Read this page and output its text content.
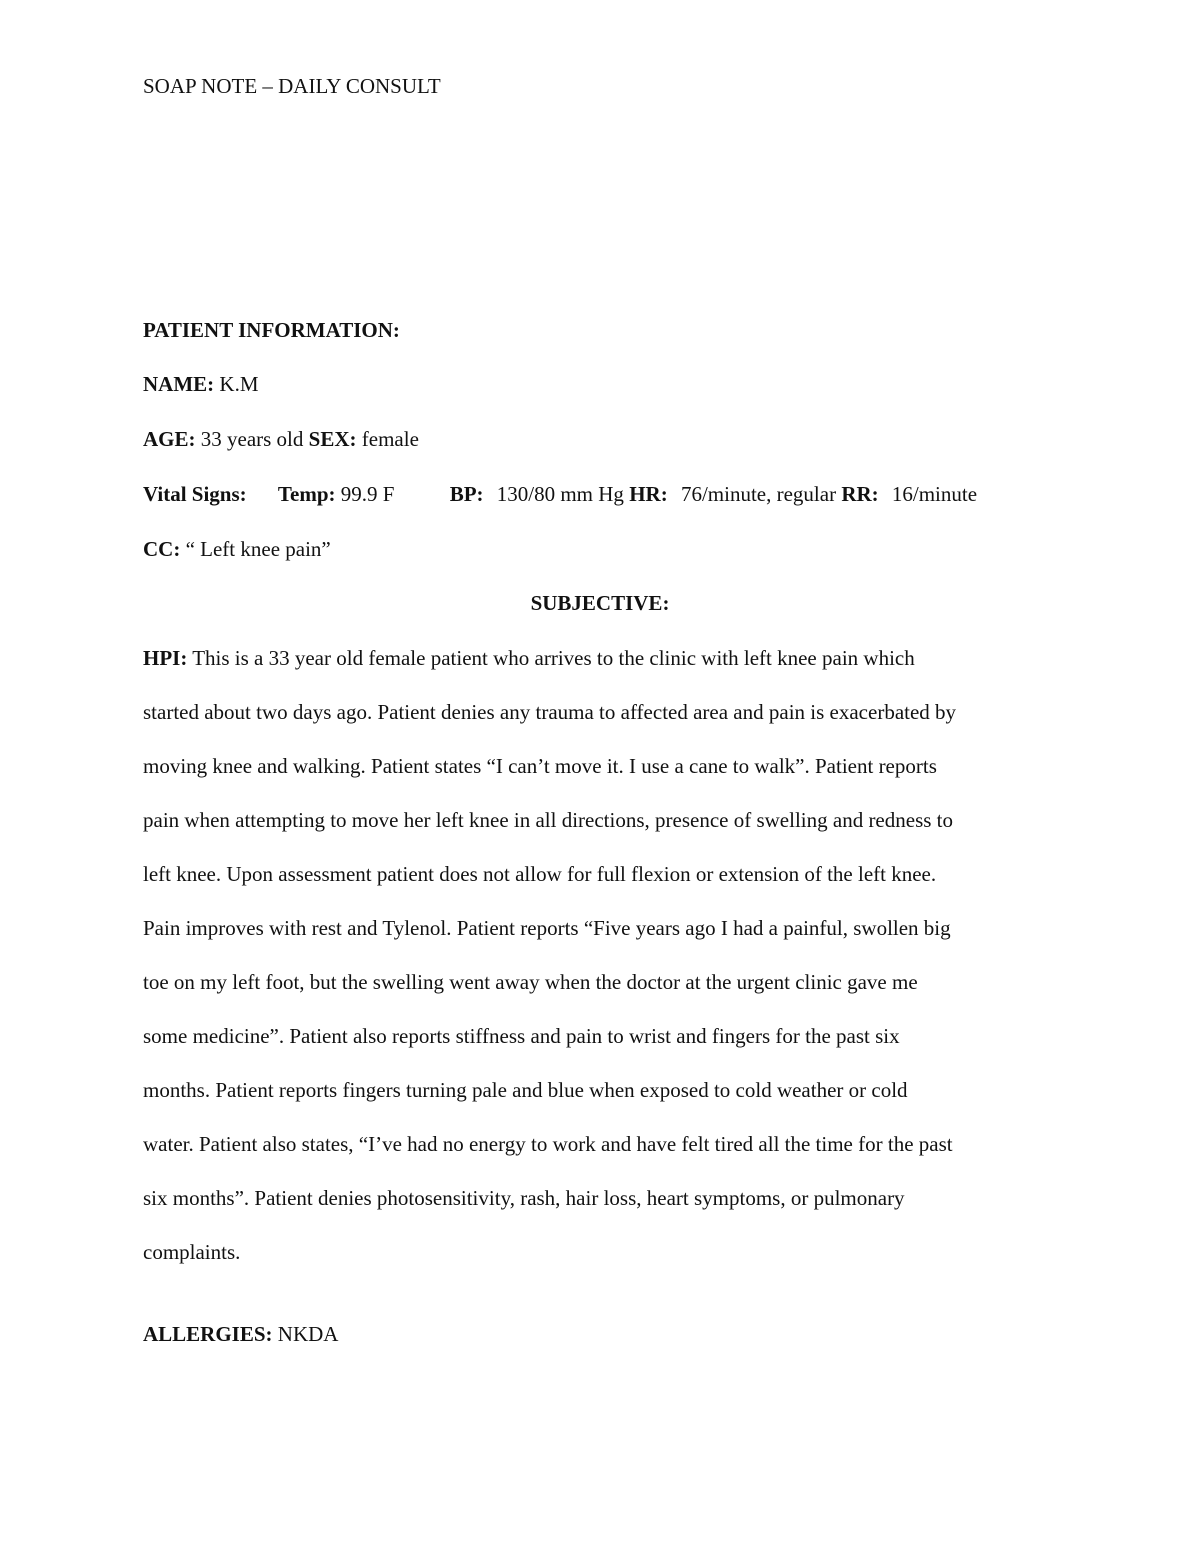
SOAP NOTE – DAILY CONSULT
PATIENT INFORMATION:
NAME: K.M
AGE: 33 years old SEX: female
Vital Signs: Temp: 99.9 F	BP: 130/80 mm Hg HR: 76/minute, regular RR: 16/minute
CC: “ Left knee pain”
SUBJECTIVE:
HPI: This is a 33 year old female patient who arrives to the clinic with left knee pain which
started about two days ago. Patient denies any trauma to affected area and pain is exacerbated by
moving knee and walking. Patient states “I can’t move it. I use a cane to walk”. Patient reports
pain when attempting to move her left knee in all directions, presence of swelling and redness to
left knee. Upon assessment patient does not allow for full flexion or extension of the left knee.
Pain improves with rest and Tylenol. Patient reports “Five years ago I had a painful, swollen big
toe on my left foot, but the swelling went away when the doctor at the urgent clinic gave me
some medicine”. Patient also reports stiffness and pain to wrist and fingers for the past six
months. Patient reports fingers turning pale and blue when exposed to cold weather or cold
water. Patient also states, “I’ve had no energy to work and have felt tired all the time for the past
six months”. Patient denies photosensitivity, rash, hair loss, heart symptoms, or pulmonary
complaints.
ALLERGIES: NKDA
